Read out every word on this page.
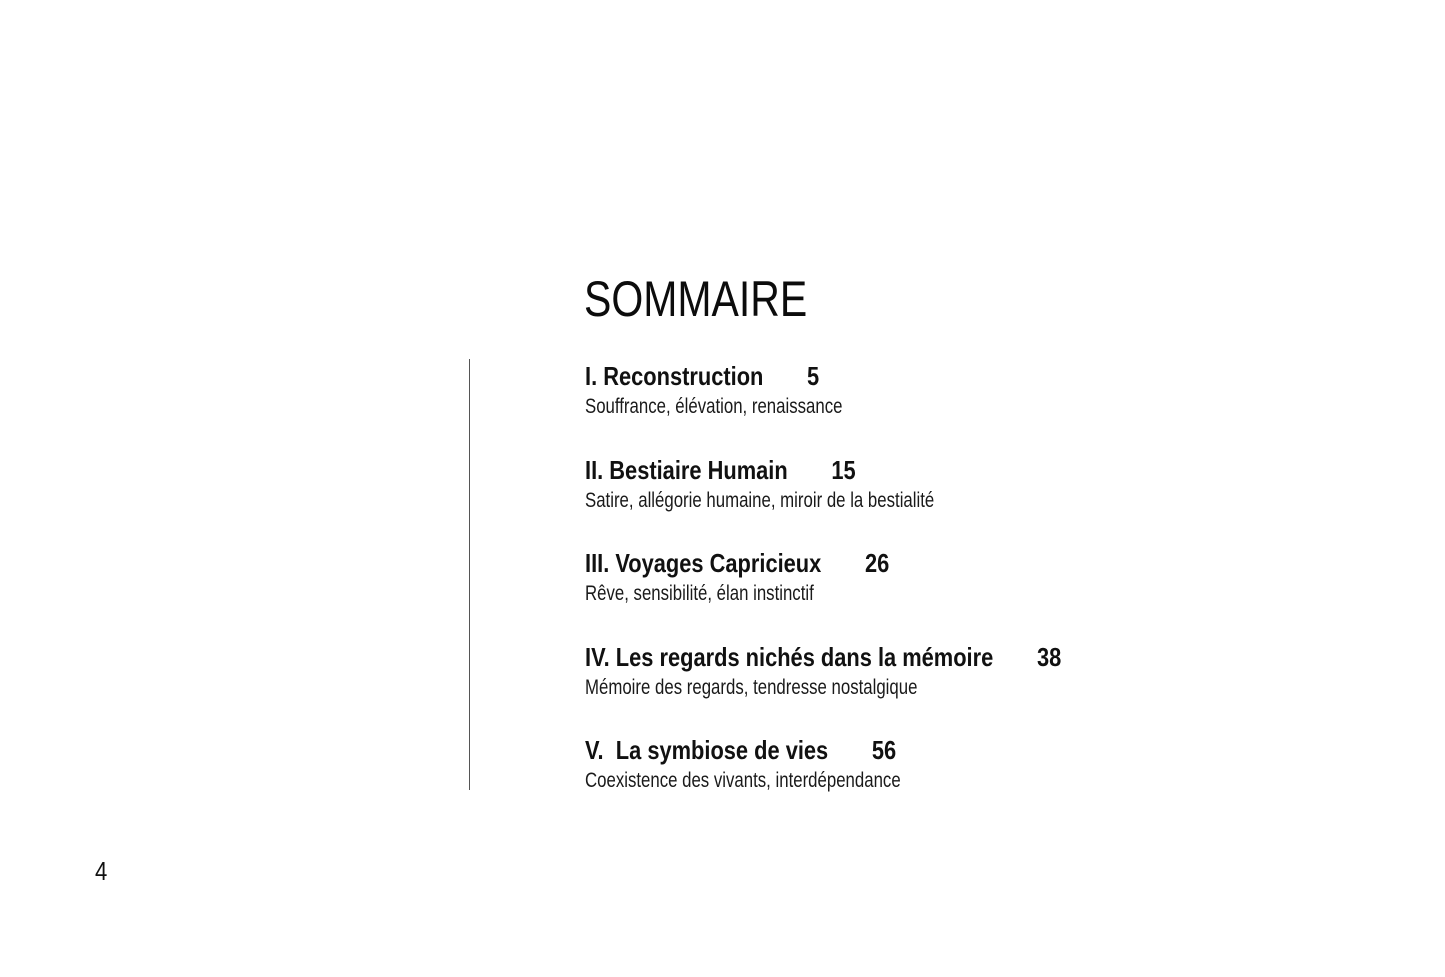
SOMMAIRE
I. Reconstruction 5
Souffrance, élévation, renaissance
II. Bestiaire Humain 15
Satire, allégorie humaine, miroir de la bestialité
III. Voyages Capricieux 26
Rêve, sensibilité, élan instinctif
IV. Les regards nichés dans la mémoire 38
Mémoire des regards, tendresse nostalgique
V.  La symbiose de vies 56
Coexistence des vivants, interdépendance
4
